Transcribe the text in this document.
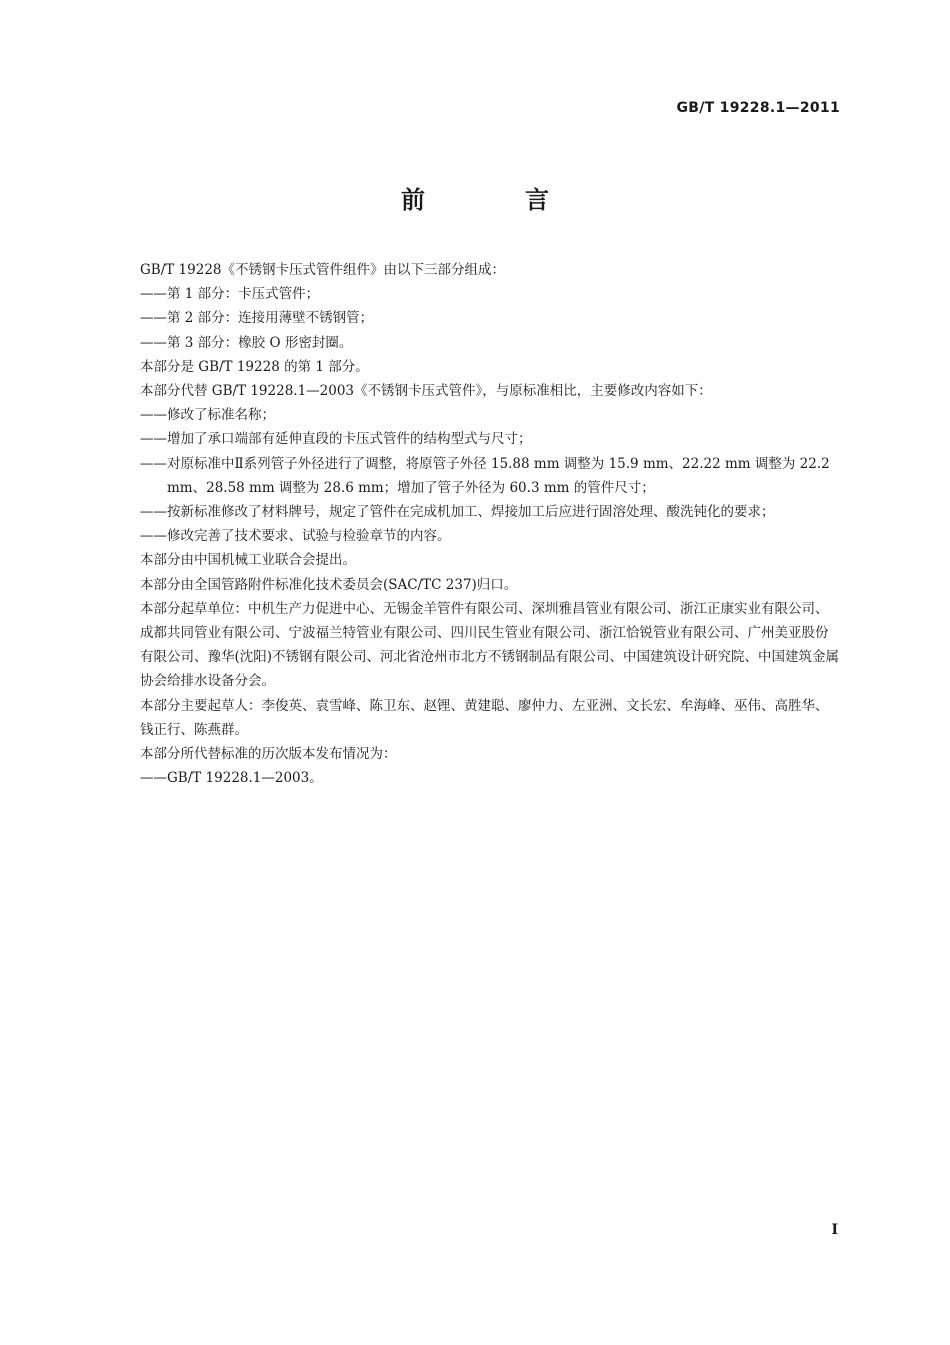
GB/T 19228.1—2011
前　言

GB/T 19228《不锈钢卡压式管件组件》由以下三部分组成：

——第 1 部分：卡压式管件；

——第 2 部分：连接用薄壁不锈钢管；

——第 3 部分：橡胶 O 形密封圈。

本部分是 GB/T 19228 的第 1 部分。

本部分代替 GB/T 19228.1—2003《不锈钢卡压式管件》，与原标准相比，主要修改内容如下：

——修改了标准名称；

——增加了承口端部有延伸直段的卡压式管件的结构型式与尺寸；

——对原标准中Ⅱ系列管子外径进行了调整，将原管子外径 15.88 mm 调整为 15.9 mm、22.22 mm 调整为 22.2 mm、28.58 mm 调整为 28.6 mm；增加了管子外径为 60.3 mm 的管件尺寸；

——按新标准修改了材料牌号，规定了管件在完成机加工、焊接加工后应进行固溶处理、酸洗钝化的要求；

——修改完善了技术要求、试验与检验章节的内容。

本部分由中国机械工业联合会提出。

本部分由全国管路附件标准化技术委员会(SAC/TC 237)归口。

本部分起草单位：中机生产力促进中心、无锡金羊管件有限公司、深圳雅昌管业有限公司、浙江正康实业有限公司、成都共同管业有限公司、宁波福兰特管业有限公司、四川民生管业有限公司、浙江恰锐管业有限公司、广州美亚股份有限公司、豫华(沈阳)不锈钢有限公司、河北省沧州市北方不锈钢制品有限公司、中国建筑设计研究院、中国建筑金属协会给排水设备分会。

本部分主要起草人：李俊英、袁雪峰、陈卫东、赵锂、黄建聪、廖仲力、左亚洲、文长宏、牟海峰、巫伟、高胜华、钱正行、陈燕群。

本部分所代替标准的历次版本发布情况为：

——GB/T 19228.1—2003。

I
